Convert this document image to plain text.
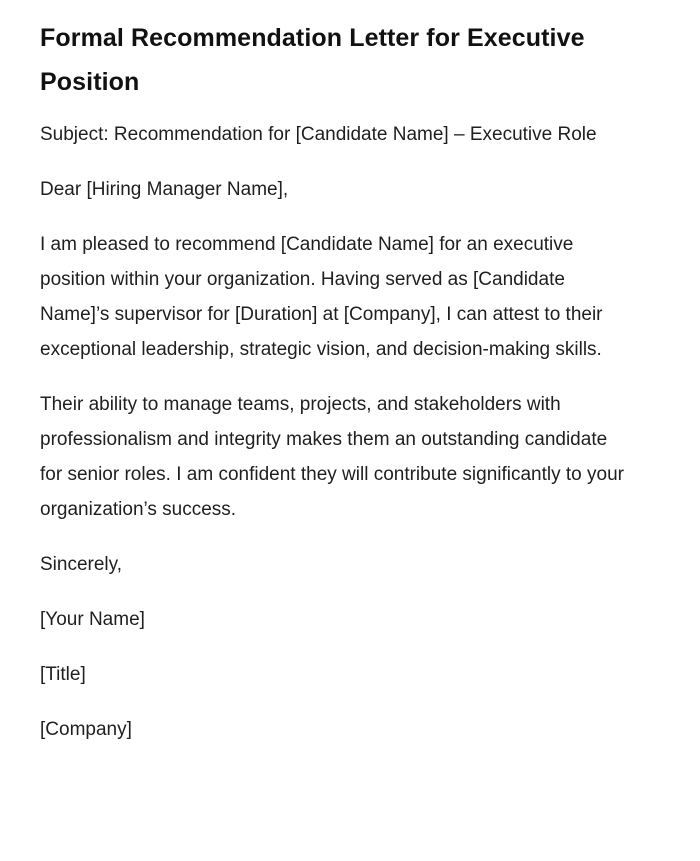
Formal Recommendation Letter for Executive Position

Subject: Recommendation for [Candidate Name] – Executive Role

Dear [Hiring Manager Name],

I am pleased to recommend [Candidate Name] for an executive position within your organization. Having served as [Candidate Name]’s supervisor for [Duration] at [Company], I can attest to their exceptional leadership, strategic vision, and decision-making skills.

Their ability to manage teams, projects, and stakeholders with professionalism and integrity makes them an outstanding candidate for senior roles. I am confident they will contribute significantly to your organization’s success.

Sincerely,

[Your Name]

[Title]

[Company]
